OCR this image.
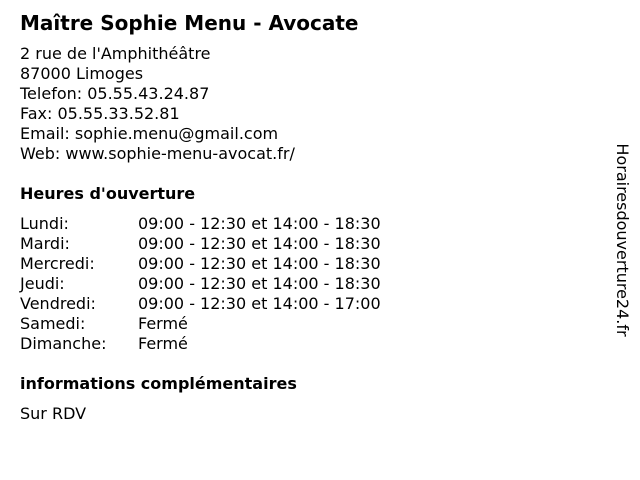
Maître Sophie Menu - Avocate
2 rue de l'Amphithéâtre
87000 Limoges
Telefon: 05.55.43.24.87
Fax: 05.55.33.52.81
Email: sophie.menu@gmail.com
Web: www.sophie-menu-avocat.fr/
Heures d'ouverture
Lundi:	09:00 - 12:30 et 14:00 - 18:30
Mardi:	09:00 - 12:30 et 14:00 - 18:30
Mercredi:	09:00 - 12:30 et 14:00 - 18:30
Jeudi:	09:00 - 12:30 et 14:00 - 18:30
Vendredi:	09:00 - 12:30 et 14:00 - 17:00
Samedi:	Fermé
Dimanche: Fermé
informations complémentaires
Sur RDV
Horairesdouverture24.fr
